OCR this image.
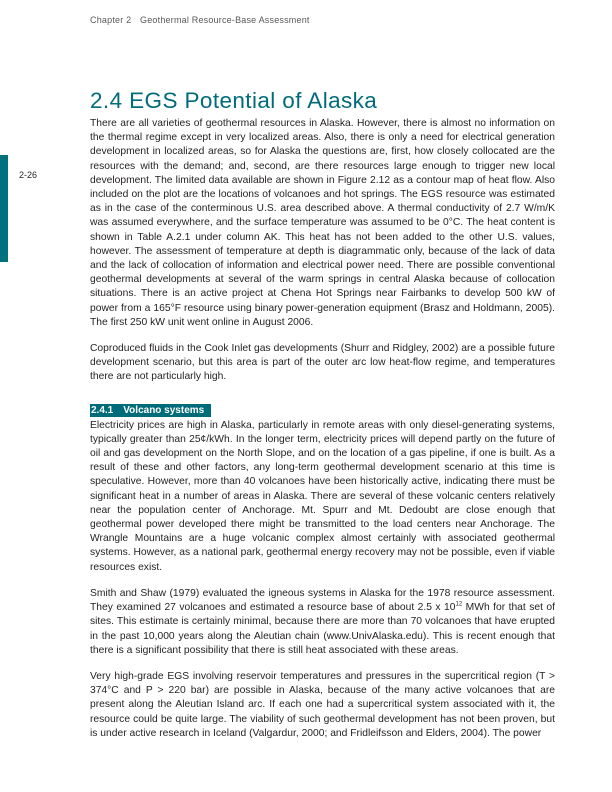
Chapter 2 Geothermal Resource-Base Assessment
2-26
2.4 EGS Potential of Alaska

There are all varieties of geothermal resources in Alaska. However, there is almost no information on the thermal regime except in very localized areas. Also, there is only a need for electrical generation development in localized areas, so for Alaska the questions are, first, how closely collocated are the resources with the demand; and, second, are there resources large enough to trigger new local development. The limited data available are shown in Figure 2.12 as a contour map of heat flow. Also included on the plot are the locations of volcanoes and hot springs. The EGS resource was estimated as in the case of the conterminous U.S. area described above. A thermal conductivity of 2.7 W/m/K was assumed everywhere, and the surface temperature was assumed to be 0°C. The heat content is shown in Table A.2.1 under column AK. This heat has not been added to the other U.S. values, however. The assessment of temperature at depth is diagrammatic only, because of the lack of data and the lack of collocation of information and electrical power need. There are possible conventional geothermal developments at several of the warm springs in central Alaska because of collocation situations. There is an active project at Chena Hot Springs near Fairbanks to develop 500 kW of power from a 165°F resource using binary power-generation equipment (Brasz and Holdmann, 2005). The first 250 kW unit went online in August 2006.

Coproduced fluids in the Cook Inlet gas developments (Shurr and Ridgley, 2002) are a possible future development scenario, but this area is part of the outer arc low heat-flow regime, and temperatures there are not particularly high.

2.4.1 Volcano systems

Electricity prices are high in Alaska, particularly in remote areas with only diesel-generating systems, typically greater than 25¢/kWh. In the longer term, electricity prices will depend partly on the future of oil and gas development on the North Slope, and on the location of a gas pipeline, if one is built. As a result of these and other factors, any long-term geothermal development scenario at this time is speculative. However, more than 40 volcanoes have been historically active, indicating there must be significant heat in a number of areas in Alaska. There are several of these volcanic centers relatively near the population center of Anchorage. Mt. Spurr and Mt. Dedoubt are close enough that geothermal power developed there might be transmitted to the load centers near Anchorage. The Wrangle Mountains are a huge volcanic complex almost certainly with associated geothermal systems. However, as a national park, geothermal energy recovery may not be possible, even if viable resources exist.

Smith and Shaw (1979) evaluated the igneous systems in Alaska for the 1978 resource assessment. They examined 27 volcanoes and estimated a resource base of about 2.5 x $10^{12}$ MWh for that set of sites. This estimate is certainly minimal, because there are more than 70 volcanoes that have erupted in the past 10,000 years along the Aleutian chain (www.UnivAlaska.edu). This is recent enough that there is a significant possibility that there is still heat associated with these areas.

Very high-grade EGS involving reservoir temperatures and pressures in the supercritical region (T > 374°C and P > 220 bar) are possible in Alaska, because of the many active volcanoes that are present along the Aleutian Island arc. If each one had a supercritical system associated with it, the resource could be quite large. The viability of such geothermal development has not been proven, but is under active research in Iceland (Valgardur, 2000; and Fridleifsson and Elders, 2004). The power
